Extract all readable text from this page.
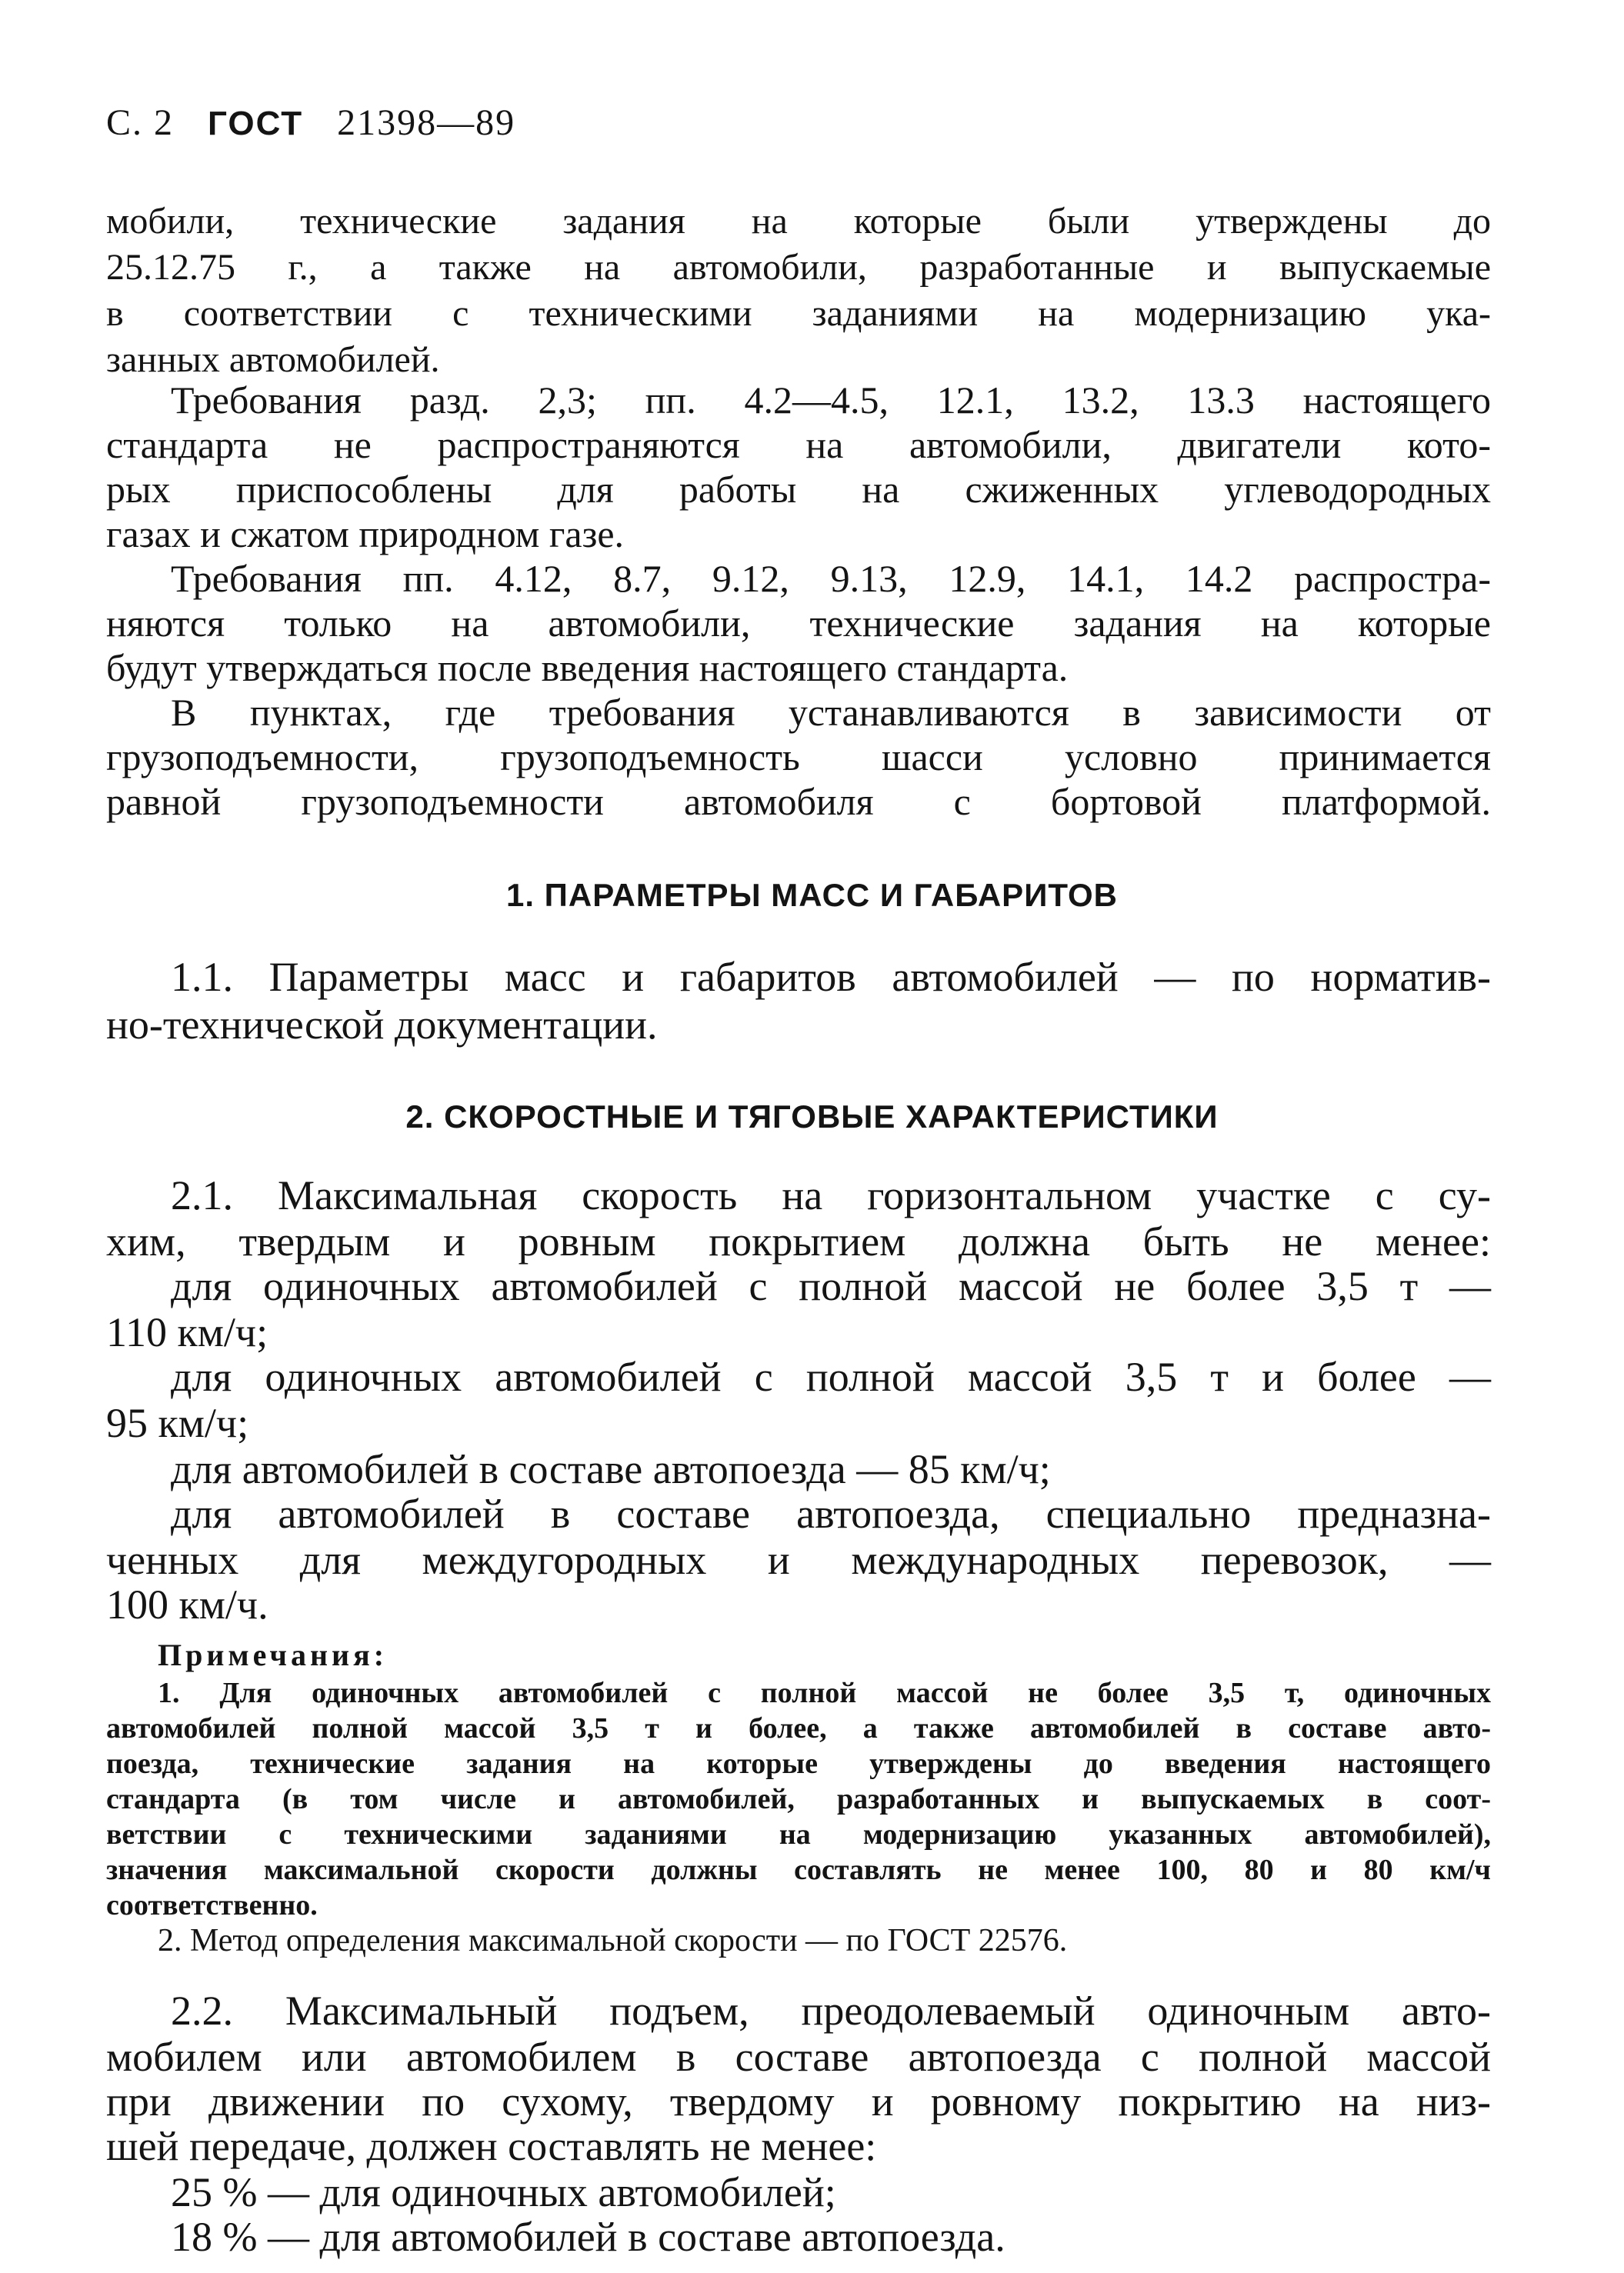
С. 2 ГОСТ 21398—89
мобили, технические задания на которые были утверждены до
25.12.75 г., а также на автомобили, разработанные и выпускаемые
в соответствии с техническими заданиями на модернизацию ука-
занных автомобилей.
Требования разд. 2,3; пп. 4.2—4.5, 12.1, 13.2, 13.3 настоящего
стандарта не распространяются на автомобили, двигатели кото-
рых приспособлены для работы на сжиженных углеводородных
газах и сжатом природном газе.
Требования пп. 4.12, 8.7, 9.12, 9.13, 12.9, 14.1, 14.2 распростра-
няются только на автомобили, технические задания на которые
будут утверждаться после введения настоящего стандарта.
В пунктах, где требования устанавливаются в зависимости от
грузоподъемности, грузоподъемность шасси условно принимается
равной грузоподъемности автомобиля с бортовой платформой.
1. ПАРАМЕТРЫ МАСС И ГАБАРИТОВ
1.1. Параметры масс и габаритов автомобилей — по норматив-
но-технической документации.
2. СКОРОСТНЫЕ И ТЯГОВЫЕ ХАРАКТЕРИСТИКИ
2.1. Максимальная скорость на горизонтальном участке с су-
хим, твердым и ровным покрытием должна быть не менее:
для одиночных автомобилей с полной массой не более 3,5 т —
110 км/ч;
для одиночных автомобилей с полной массой 3,5 т и более —
95 км/ч;
для автомобилей в составе автопоезда — 85 км/ч;
для автомобилей в составе автопоезда, специально предназна-
ченных для междугородных и международных перевозок, —
100 км/ч.
Примечания:
1. Для одиночных автомобилей с полной массой не более 3,5 т, одиночных
автомобилей полной массой 3,5 т и более, а также автомобилей в составе авто-
поезда, технические задания на которые утверждены до введения настоящего
стандарта (в том числе и автомобилей, разработанных и выпускаемых в соот-
ветствии с техническими заданиями на модернизацию указанных автомобилей),
значения максимальной скорости должны составлять не менее 100, 80 и 80 км/ч
соответственно.
2. Метод определения максимальной скорости — по ГОСТ 22576.
2.2. Максимальный подъем, преодолеваемый одиночным авто-
мобилем или автомобилем в составе автопоезда с полной массой
при движении по сухому, твердому и ровному покрытию на низ-
шей передаче, должен составлять не менее:
25 % — для одиночных автомобилей;
18 % — для автомобилей в составе автопоезда.
